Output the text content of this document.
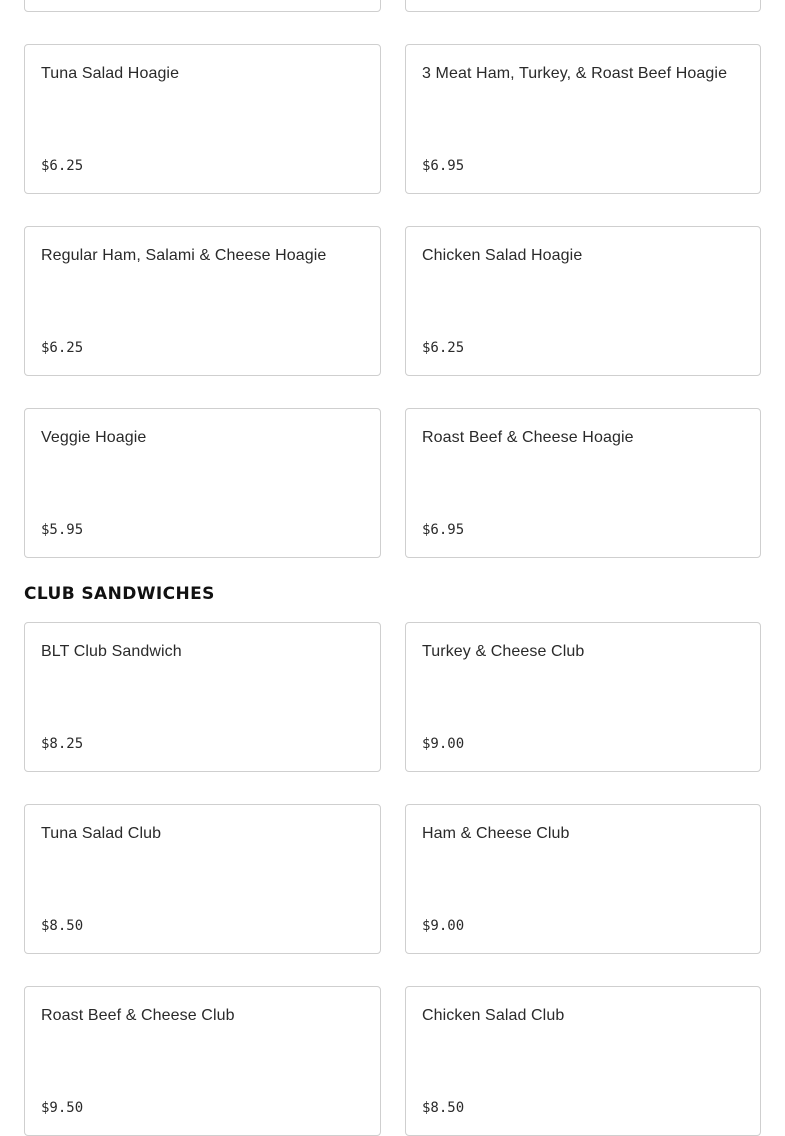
Tuna Salad Hoagie
$6.25
3 Meat Ham, Turkey, & Roast Beef Hoagie
$6.95
Regular Ham, Salami & Cheese Hoagie
$6.25
Chicken Salad Hoagie
$6.25
Veggie Hoagie
$5.95
Roast Beef & Cheese Hoagie
$6.95
CLUB SANDWICHES
BLT Club Sandwich
$8.25
Turkey & Cheese Club
$9.00
Tuna Salad Club
$8.50
Ham & Cheese Club
$9.00
Roast Beef & Cheese Club
$9.50
Chicken Salad Club
$8.50
